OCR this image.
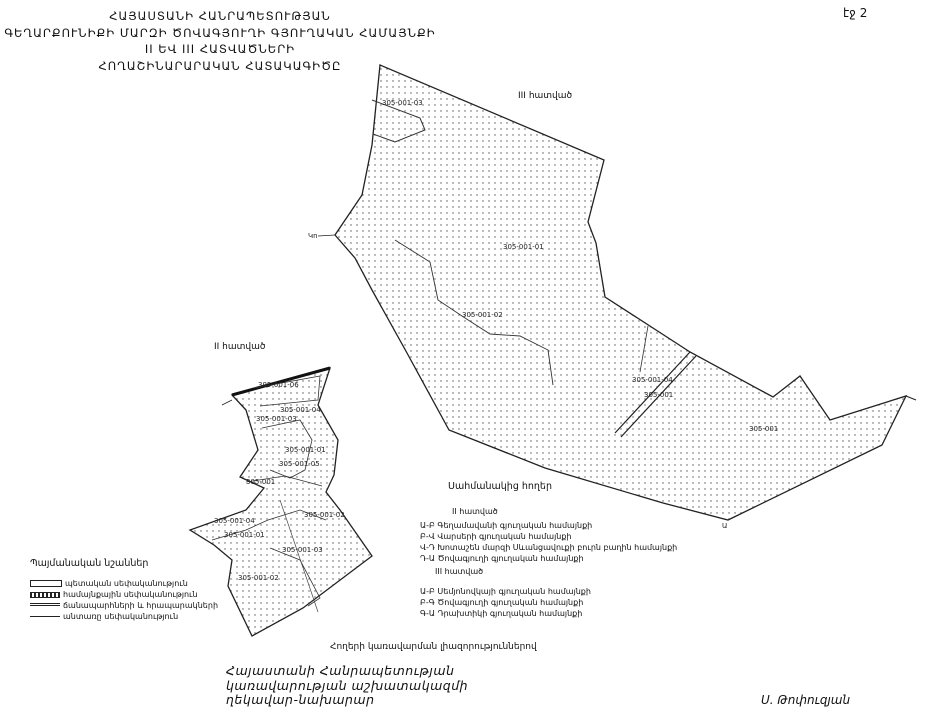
ՀԱՅԱՍՏԱՆԻ ՀԱՆՐԱՊԵՏՈՒԹՅԱՆ
ԳԵՂԱՐՔՈՒՆԻՔԻ ՄԱՐԶԻ ԾՈՎԱԳՅՈՒՂԻ ԳՅՈՒՂԱԿԱՆ ՀԱՄԱՅՆՔԻ
II ԵՎ III ՀԱՏՎԱԾՆԵՐԻ
ՀՈՂԱՇԻՆԱՐԱՐԱԿԱՆ ՀԱՏԱԿԱԳԻԾԸ
էջ 2
III հատված
II հատված
305-001-03
305-001-01
305-001-02
305-001-04
305-001
305-001
305-001-06
305-001-04
305-001-03
305-001-01
305-001-05
305-001
305-001-02
305-001-04
305-001-01
305-001-03
305-001-02
Կո
Ա
Պայմանական նշաններ
պետական սեփականություն
համայնքային սեփականություն
ճանապարհների և հրապարակների
անտառը սեփականություն
Սահմանակից հողեր
II հատված
Ա-Բ Գեղամավանի գյուղական համայնքի
Բ-Վ Վարսերի գյուղական համայնքի
Վ-Դ Խոտաշեն մարզի Սևանցավուքի բուրն բաղին համայնքի
Դ-Ա Ծովագյուղի գյուղական համայնքի
III հատված
Ա-Բ Սեմյոնովկայի գյուղական համայնքի
Բ-Գ Ծովագյուղի գյուղական համայնքի
Գ-Ա Դրախտիկի գյուղական համայնքի
Հողերի կառավարման լիազորություններով
Հայաստանի Հանրապետության
կառավարության աշխատակազմի
ղեկավար-նախարար	Ս. Թոփուզյան
